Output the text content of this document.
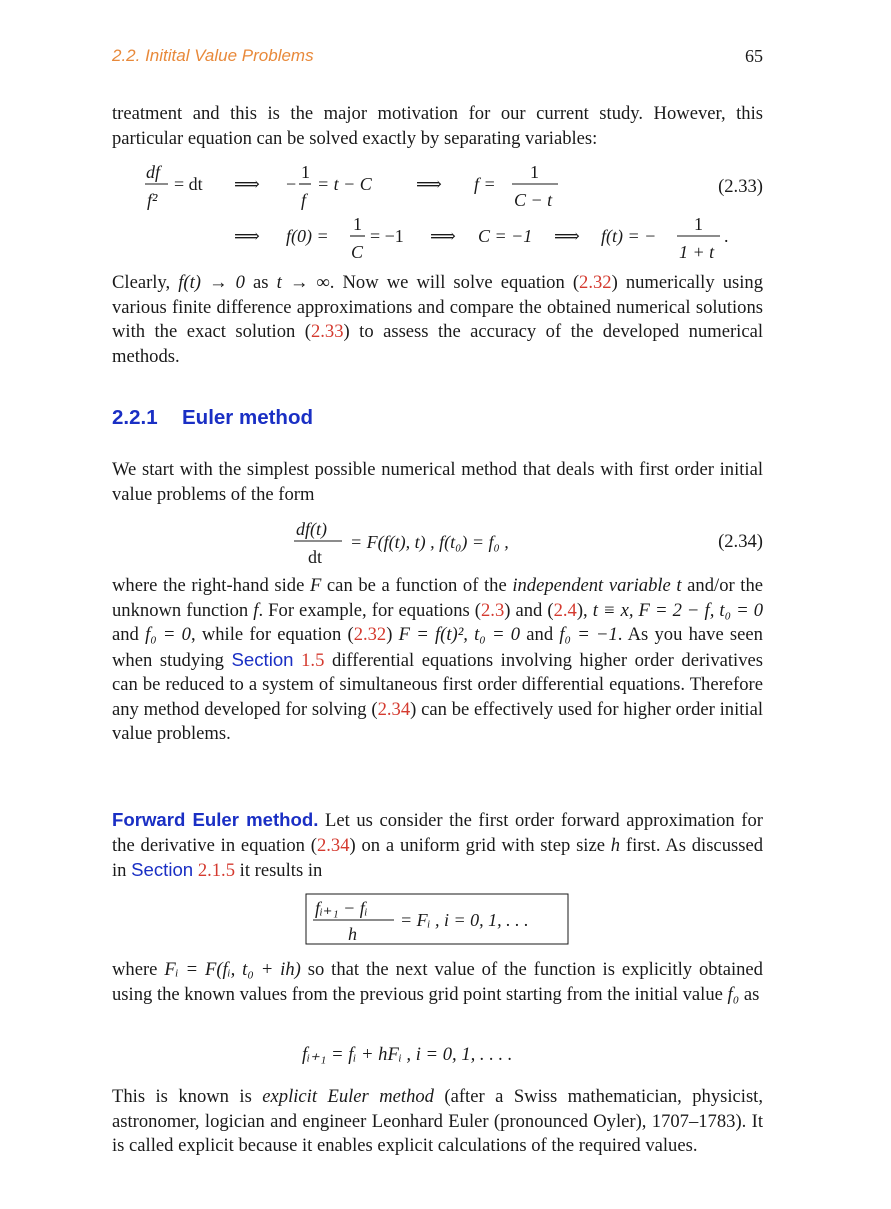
2.2. Initital Value Problems	65

treatment and this is the major motivation for our current study. However, this particular equation can be solved exactly by separating variables:

df
f²
= dt ⟹ −
1
f
= t − C ⟹ f =
1
C − t
⟹ f(0) =
1
C
= −1 ⟹ C = −1 ⟹ f(t) = −
1
1 + t
.
(2.33)

Clearly, f(t) → 0 as t → ∞. Now we will solve equation (2.32) numerically using various finite difference approximations and compare the obtained numerical solutions with the exact solution (2.33) to assess the accuracy of the developed numerical methods.

2.2.1 Euler method

We start with the simplest possible numerical method that deals with first order initial value problems of the form

df(t)
dt
= F(f(t), t) , f(t₀) = f₀ ,	(2.34)

where the right-hand side F can be a function of the independent variable t and/or the unknown function f. For example, for equations (2.3) and (2.4), t ≡ x, F = 2 − f, t₀ = 0 and f₀ = 0, while for equation (2.32) F = f(t)², t₀ = 0 and f₀ = −1. As you have seen when studying Section 1.5 differential equations involving higher order derivatives can be reduced to a system of simultaneous first order differential equations. Therefore any method developed for solving (2.34) can be effectively used for higher order initial value problems.

Forward Euler method. Let us consider the first order forward approximation for the derivative in equation (2.34) on a uniform grid with step size h first. As discussed in Section 2.1.5 it results in

fᵢ₊₁ − fᵢ
h
= Fᵢ , i = 0, 1, . . .

where Fᵢ = F(fᵢ, t₀ + ih) so that the next value of the function is explicitly obtained using the known values from the previous grid point starting from the initial value f₀ as

fᵢ₊₁ = fᵢ + hFᵢ , i = 0, 1, . . . .

This is known is explicit Euler method (after a Swiss mathematician, physicist, astronomer, logician and engineer Leonhard Euler (pronounced Oyler), 1707–1783). It is called explicit because it enables explicit calculations of the required values.
